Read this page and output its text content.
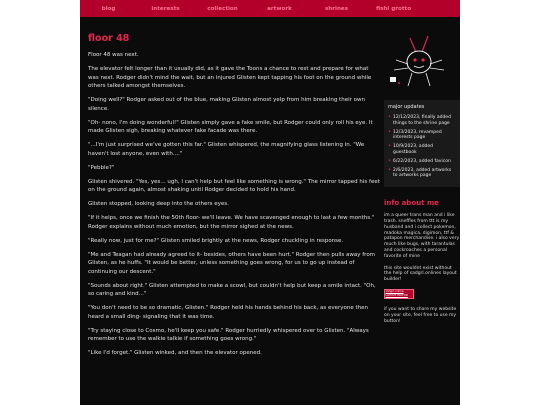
blog	interests	collection	artwork	shrines	fishi grotto
floor 48

Floor 48 was next.

The elevator felt longer than it usually did, as it gave the Toons a chance to rest and prepare for what was next. Rodger didn't mind the wait, but an injured Glisten kept tapping his foot on the ground while others talked amongst themselves.

"Doing well?" Rodger asked out of the blue, making Glisten almost yelp from him breaking their own silence.

"Oh- nono, I'm doing wonderful!" Glisten simply gave a fake smile, but Rodger could only roll his eye. It made Glisten sigh, breaking whatever fake facade was there.

"...I'm just surprised we've gotten this far." Glisten whispered, the magnifying glass listening in. "We haven't lost anyone, even with...."

"Pebble?"

Glisten shivered. "Yes, yes... ugh, I can't help but feel like something is wrong." The mirror tapped his feet on the ground again, almost shaking until Rodger decided to hold his hand.

Glisten stopped, looking deep into the others eyes.

"If it helps, once we finish the 50th floor- we'll leave. We have scavenged enough to last a few months." Rodger explains without much emotion, but the mirror sighed at the news.

"Really now, just for me?" Glisten smiled brightly at the news, Rodger chuckling in response.

"Me and Teagan had already agreed to it- besides, others have been hurt." Rodger then pulls away from Glisten, as he huffs. "It would be better, unless something goes wrong, for us to go up instead of continuing our descent."

"Sounds about right." Glisten attempted to make a scowl, but couldn't help but keep a smile intact. "Oh, so caring and kind..."

"You don't need to be so dramatic, Glisten." Rodger held his hands behind his back, as everyone then heard a small ding- signaling that it was time.

"Try staying close to Cosmo, he'll keep you safe." Rodger hurriedly whispered over to Glisten. "Always remember to use the walkie talkie if something goes wrong."

"Like I'd forget." Glisten winked, and then the elevator opened.

major updates
• 12/12/2023, finally added things to the shrine page
• 12/3/2023, revamped interests page
• 10/9/2023, added guestbook
• 6/22/2023, added favicon
• 2/6/2023, added artworks to artworks page
info about me

im a queer trans man and i like trash. sneffles from ttt is my husband and i collect pokemon, madoka magica, digimon, ttf & patapon merchandise. i also very much like bugs, with tarantulas and cockroaches a personal favorite of mine

this site wouldnt exist without the help of sadgrl.onlines layout builder!

sadgrl.online LAYOUT EDITOR

if you want to share my website on your site, feel free to use my button!
